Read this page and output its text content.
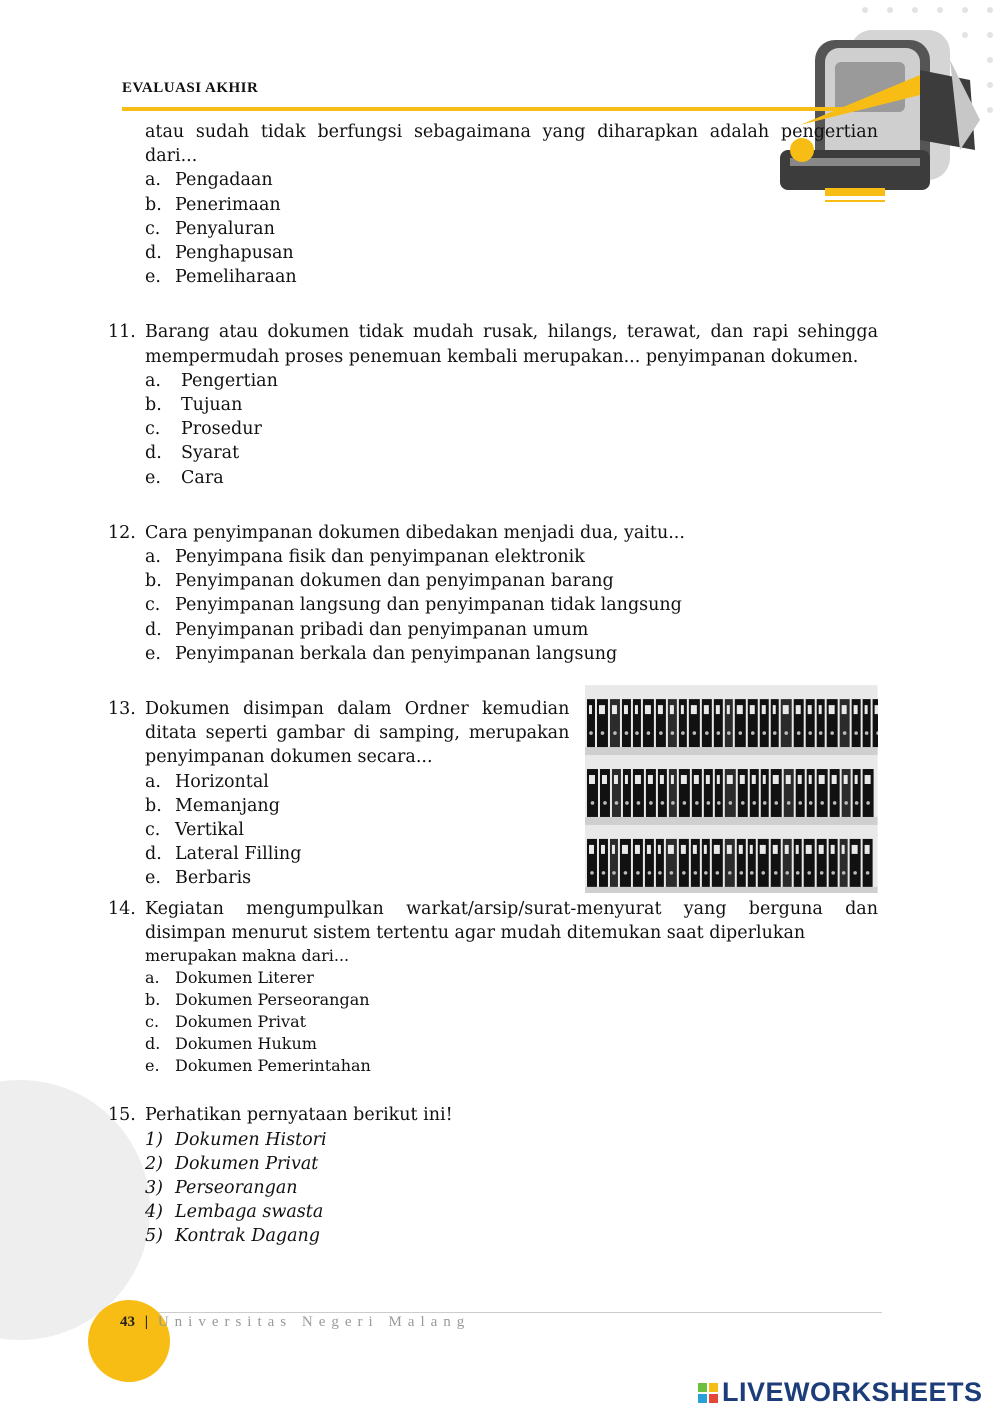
EVALUASI AKHIR
atau sudah tidak berfungsi sebagaimana yang diharapkan adalah pengertian dari...
a. Pengadaan
b. Penerimaan
c. Penyaluran
d. Penghapusan
e. Pemeliharaan
11. Barang atau dokumen tidak mudah rusak, hilangs, terawat, dan rapi sehingga mempermudah proses penemuan kembali merupakan... penyimpanan dokumen.
a.	Pengertian
b.	Tujuan
c.	Prosedur
d.	Syarat
e.	Cara
12. Cara penyimpanan dokumen dibedakan menjadi dua, yaitu...
a. Penyimpana fisik dan penyimpanan elektronik
b. Penyimpanan dokumen dan penyimpanan barang
c. Penyimpanan langsung dan penyimpanan tidak langsung
d. Penyimpanan pribadi dan penyimpanan umum
e. Penyimpanan berkala dan penyimpanan langsung
13. Dokumen disimpan dalam Ordner kemudian ditata seperti gambar di samping, merupakan penyimpanan dokumen secara...
a. Horizontal
b. Memanjang
c. Vertikal
d. Lateral Filling
e. Berbaris
14. Kegiatan mengumpulkan warkat/arsip/surat-menyurat yang berguna dan disimpan menurut sistem tertentu agar mudah ditemukan saat diperlukan
merupakan makna dari...
a. Dokumen Literer
b. Dokumen Perseorangan
c. Dokumen Privat
d. Dokumen Hukum
e. Dokumen Pemerintahan
15. Perhatikan pernyataan berikut ini!
1) Dokumen Histori
2) Dokumen Privat
3) Perseorangan
4) Lembaga swasta
5) Kontrak Dagang
43 | Universitas Negeri Malang
LIVEWORKSHEETS
